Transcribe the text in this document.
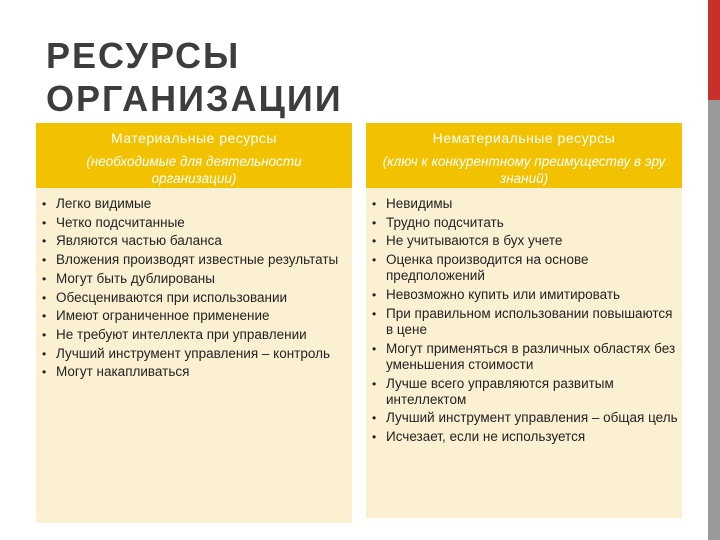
РЕСУРСЫ
ОРГАНИЗАЦИИ
Материальные ресурсы
(необходимые для деятельности организации)
• Легко видимые
• Четко подсчитанные
• Являются частью баланса
• Вложения производят известные результаты
• Могут быть дублированы
• Обесцениваются при использовании
• Имеют ограниченное применение
• Не требуют интеллекта при управлении
• Лучший инструмент управления – контроль
• Могут накапливаться
Нематериальные ресурсы
(ключ к конкурентному преимуществу в эру знаний)
• Невидимы
• Трудно подсчитать
• Не учитываются в бух учете
• Оценка производится на основе предположений
• Невозможно купить или имитировать
• При правильном использовании повышаются в цене
• Могут применяться в различных областях без уменьшения стоимости
• Лучше всего управляются развитым интеллектом
• Лучший инструмент управления – общая цель
• Исчезает, если не используется
